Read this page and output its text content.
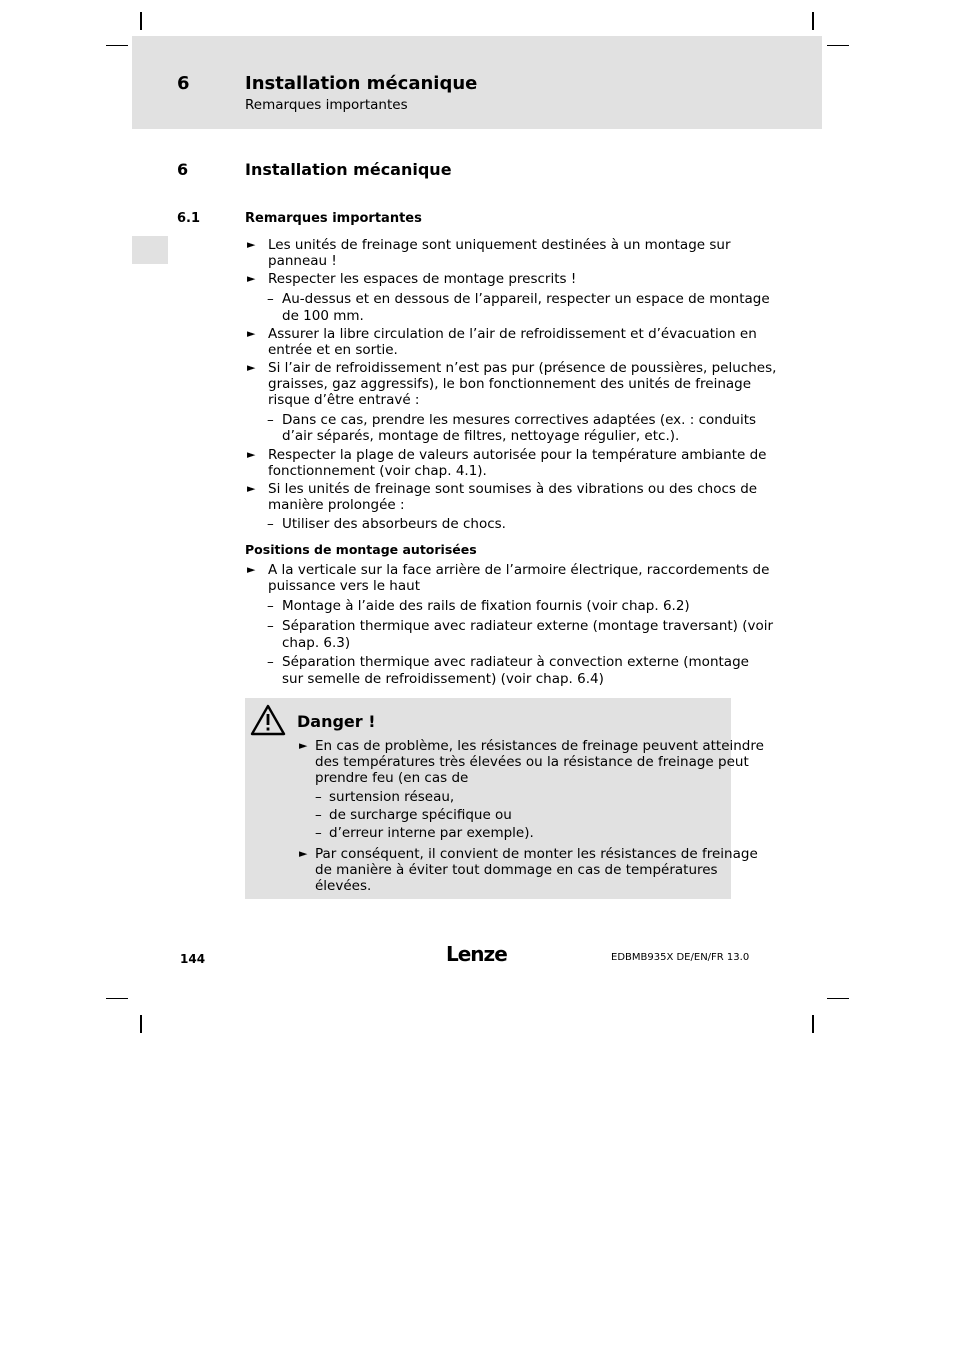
6	Installation mécanique
Remarques importantes
6	Installation mécanique
6.1	Remarques importantes
► Les unités de freinage sont uniquement destinées à un montage sur
panneau !
► Respecter les espaces de montage prescrits !
– Au-dessus et en dessous de l’appareil, respecter un espace de montage
de 100 mm.
► Assurer la libre circulation de l’air de refroidissement et d’évacuation en
entrée et en sortie.
► Si l’air de refroidissement n’est pas pur (présence de poussières, peluches,
graisses, gaz aggressifs), le bon fonctionnement des unités de freinage
risque d’être entravé :
– Dans ce cas, prendre les mesures correctives adaptées (ex. : conduits
d’air séparés, montage de filtres, nettoyage régulier, etc.).
► Respecter la plage de valeurs autorisée pour la température ambiante de
fonctionnement (voir chap. 4.1).
► Si les unités de freinage sont soumises à des vibrations ou des chocs de
manière prolongée :
– Utiliser des absorbeurs de chocs.
Positions de montage autorisées
► A la verticale sur la face arrière de l’armoire électrique, raccordements de
puissance vers le haut
– Montage à l’aide des rails de fixation fournis (voir chap. 6.2)
– Séparation thermique avec radiateur externe (montage traversant) (voir
chap. 6.3)
– Séparation thermique avec radiateur à convection externe (montage
sur semelle de refroidissement) (voir chap. 6.4)
Danger !
► En cas de problème, les résistances de freinage peuvent atteindre
des températures très élevées ou la résistance de freinage peut
prendre feu (en cas de
– surtension réseau,
– de surcharge spécifique ou
– d’erreur interne par exemple).
► Par conséquent, il convient de monter les résistances de freinage
de manière à éviter tout dommage en cas de températures
élevées.
144	Lenze	EDBMB935X DE/EN/FR 13.0
